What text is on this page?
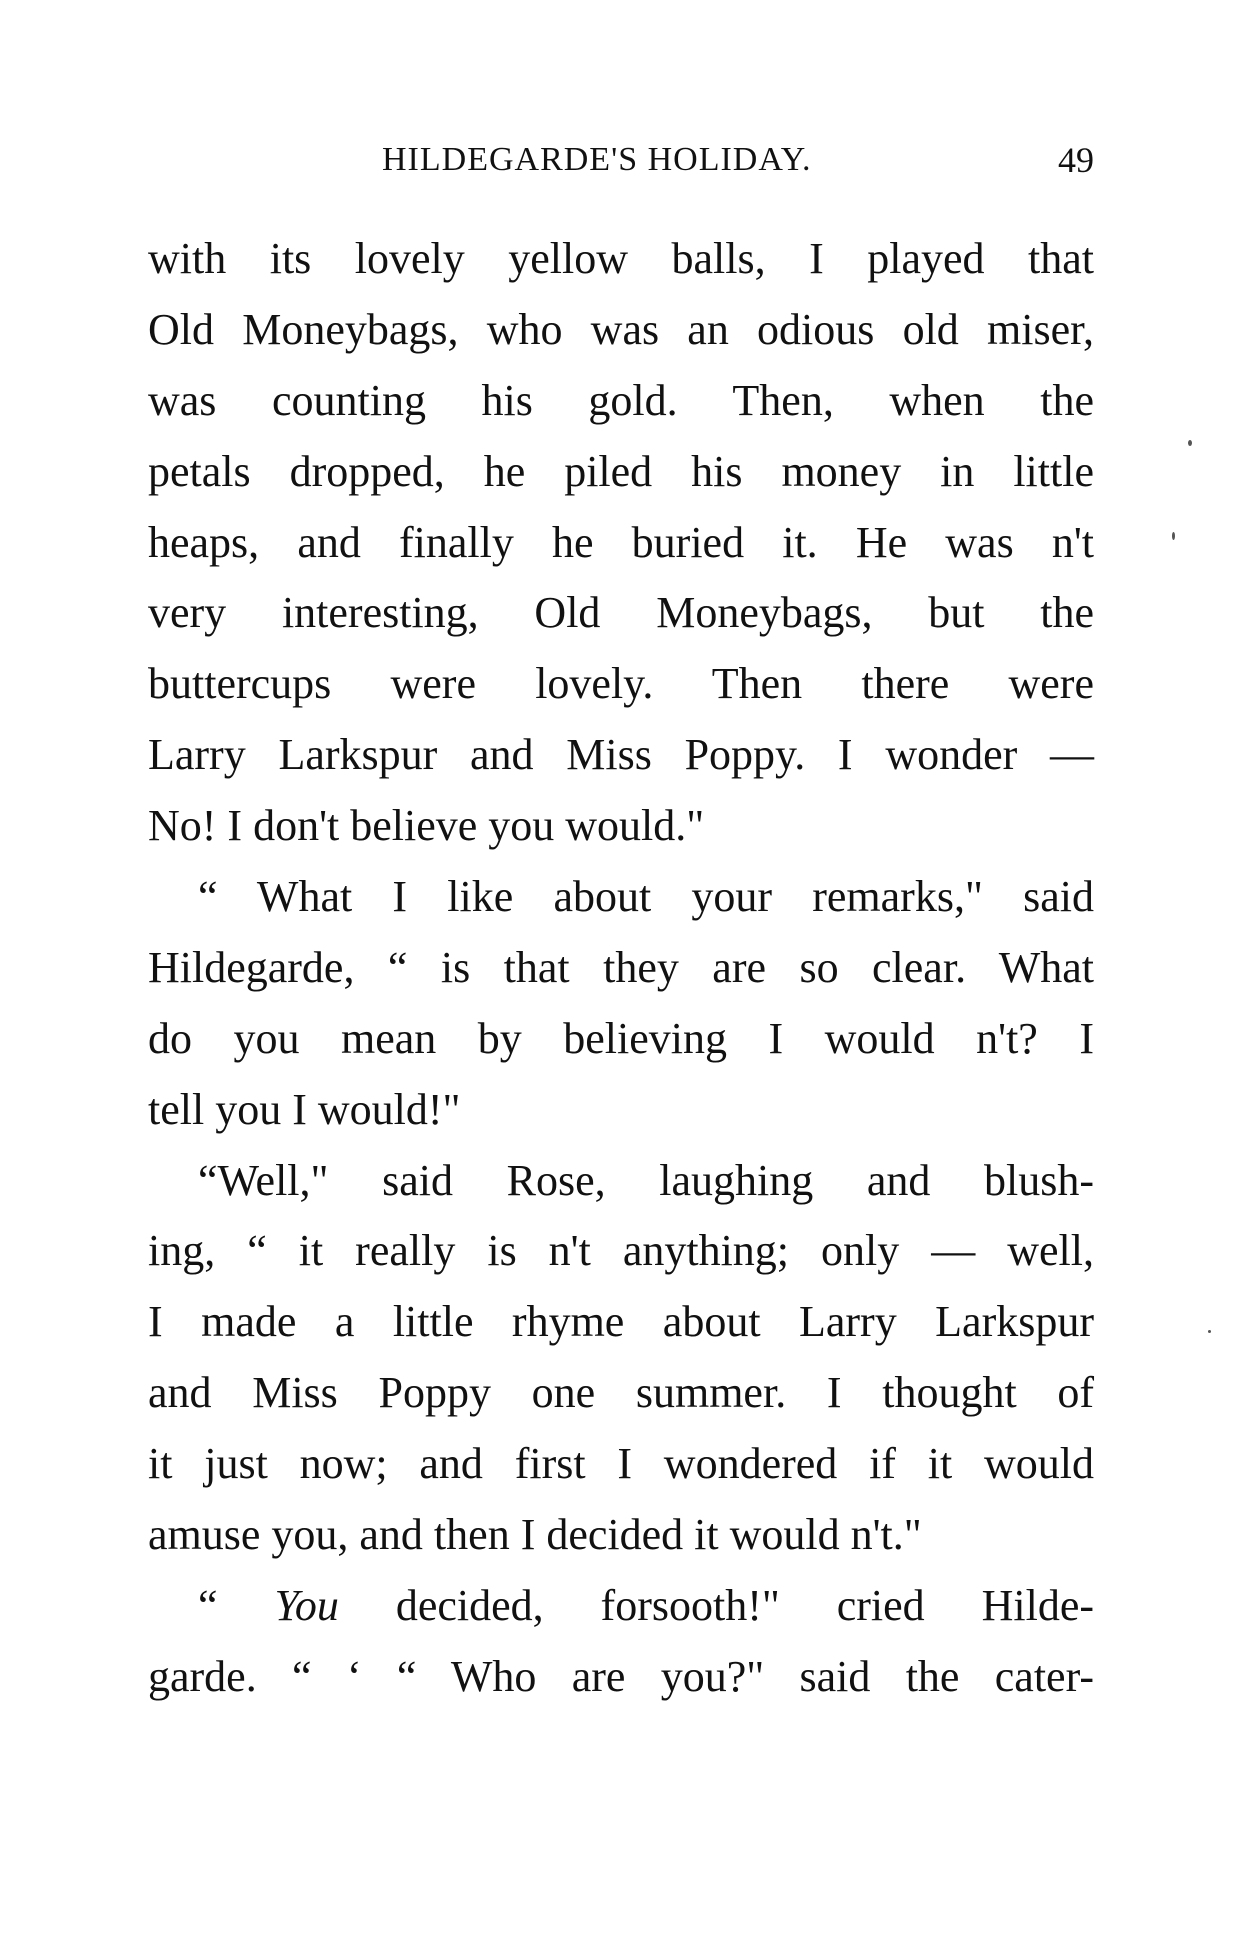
HILDEGARDE'S HOLIDAY.	49
with its lovely yellow balls, I played that
Old Moneybags, who was an odious old miser,
was counting his gold. Then, when the
petals dropped, he piled his money in little
heaps, and finally he buried it. He was n't
very interesting, Old Moneybags, but the
buttercups were lovely. Then there were
Larry Larkspur and Miss Poppy. I wonder —
No! I don't believe you would."
“ What I like about your remarks," said
Hildegarde, “ is that they are so clear. What
do you mean by believing I would n't? I
tell you I would!"
“Well," said Rose, laughing and blush-
ing, “ it really is n't anything; only — well,
I made a little rhyme about Larry Larkspur
and Miss Poppy one summer. I thought of
it just now; and first I wondered if it would
amuse you, and then I decided it would n't."
“ You decided, forsooth!" cried Hilde-
garde. “ ‘ “ Who are you?" said the cater-
